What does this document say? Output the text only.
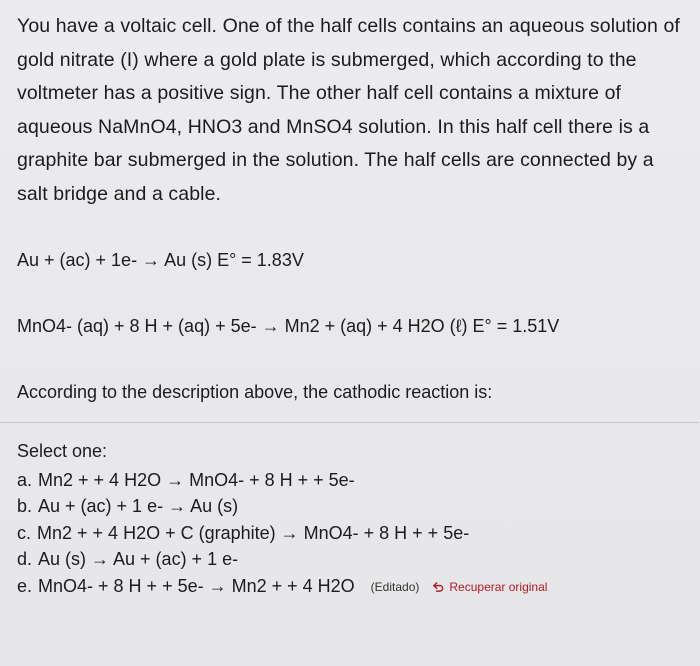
You have a voltaic cell. One of the half cells contains an aqueous solution of gold nitrate (I) where a gold plate is submerged, which according to the voltmeter has a positive sign. The other half cell contains a mixture of aqueous NaMnO4, HNO3 and MnSO4 solution. In this half cell there is a graphite bar submerged in the solution. The half cells are connected by a salt bridge and a cable.

Au + (ac) + 1e- → Au (s) E° = 1.83V
MnO4- (aq) + 8 H + (aq) + 5e- → Mn2 + (aq) + 4 H2O (ℓ) E° = 1.51V
According to the description above, the cathodic reaction is:
Select one:
a. Mn2 + + 4 H2O → MnO4- + 8 H + + 5e-
b. Au + (ac) + 1 e- → Au (s)
c. Mn2 + + 4 H2O + C (graphite) → MnO4- + 8 H + + 5e-
d. Au (s) → Au + (ac) + 1 e-
e. MnO4- + 8 H + + 5e- → Mn2 + + 4 H2O (Editado)	Recuperar original
